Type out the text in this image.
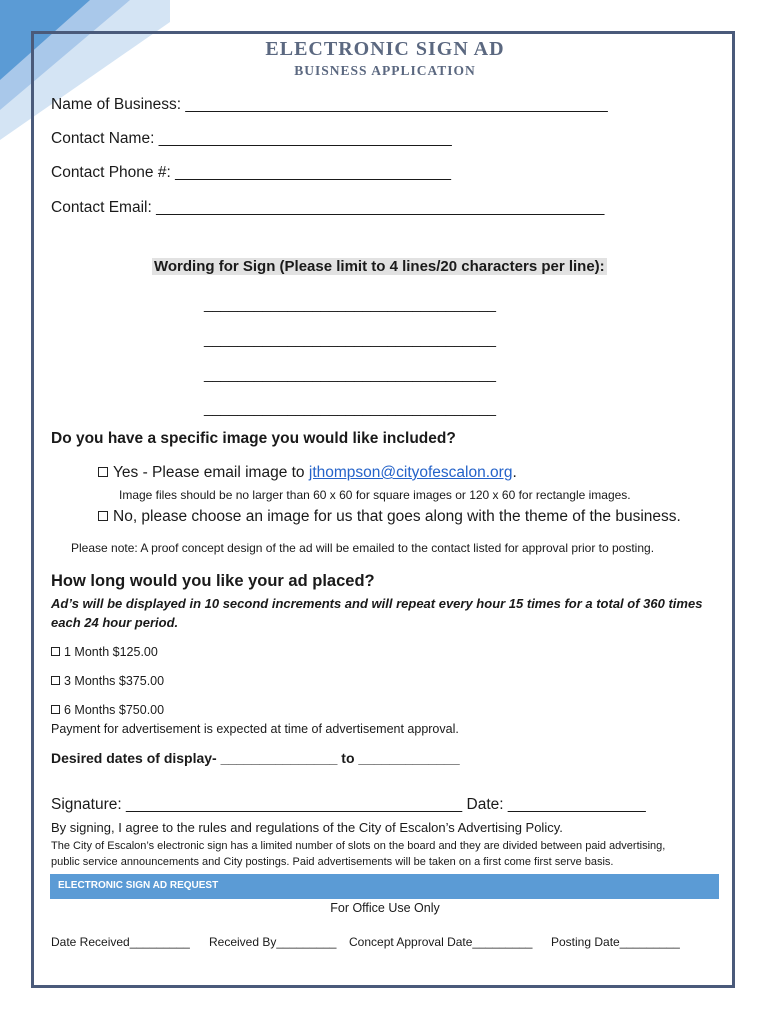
ELECTRONIC SIGN AD
BUISNESS APPLICATION
Name of Business: _________________________________________________
Contact Name: __________________________________
Contact Phone #: ________________________________
Contact Email: ____________________________________________________
Wording for Sign (Please limit to 4 lines/20 characters per line):
___________________________________
___________________________________
___________________________________
___________________________________
Do you have a specific image you would like included?
Yes - Please email image to jthompson@cityofescalon.org.
Image files should be no larger than 60 x 60 for square images or 120 x 60 for rectangle images.
No, please choose an image for us that goes along with the theme of the business.
Please note: A proof concept design of the ad will be emailed to the contact listed for approval prior to posting.
How long would you like your ad placed?
Ad’s will be displayed in 10 second increments and will repeat every hour 15 times for a total of 360 times
each 24 hour period.
1 Month $125.00
3 Months $375.00
6 Months $750.00
Payment for advertisement is expected at time of advertisement approval.
Desired dates of display- _______________ to _____________
Signature: _______________________________________ Date: ________________
By signing, I agree to the rules and regulations of the City of Escalon’s Advertising Policy.
The City of Escalon’s electronic sign has a limited number of slots on the board and they are divided between paid advertising,
public service announcements and City postings. Paid advertisements will be taken on a first come first serve basis.
ELECTRONIC SIGN AD REQUEST
For Office Use Only
Date Received_________ Received By_________ Concept Approval Date_________ Posting Date_________
